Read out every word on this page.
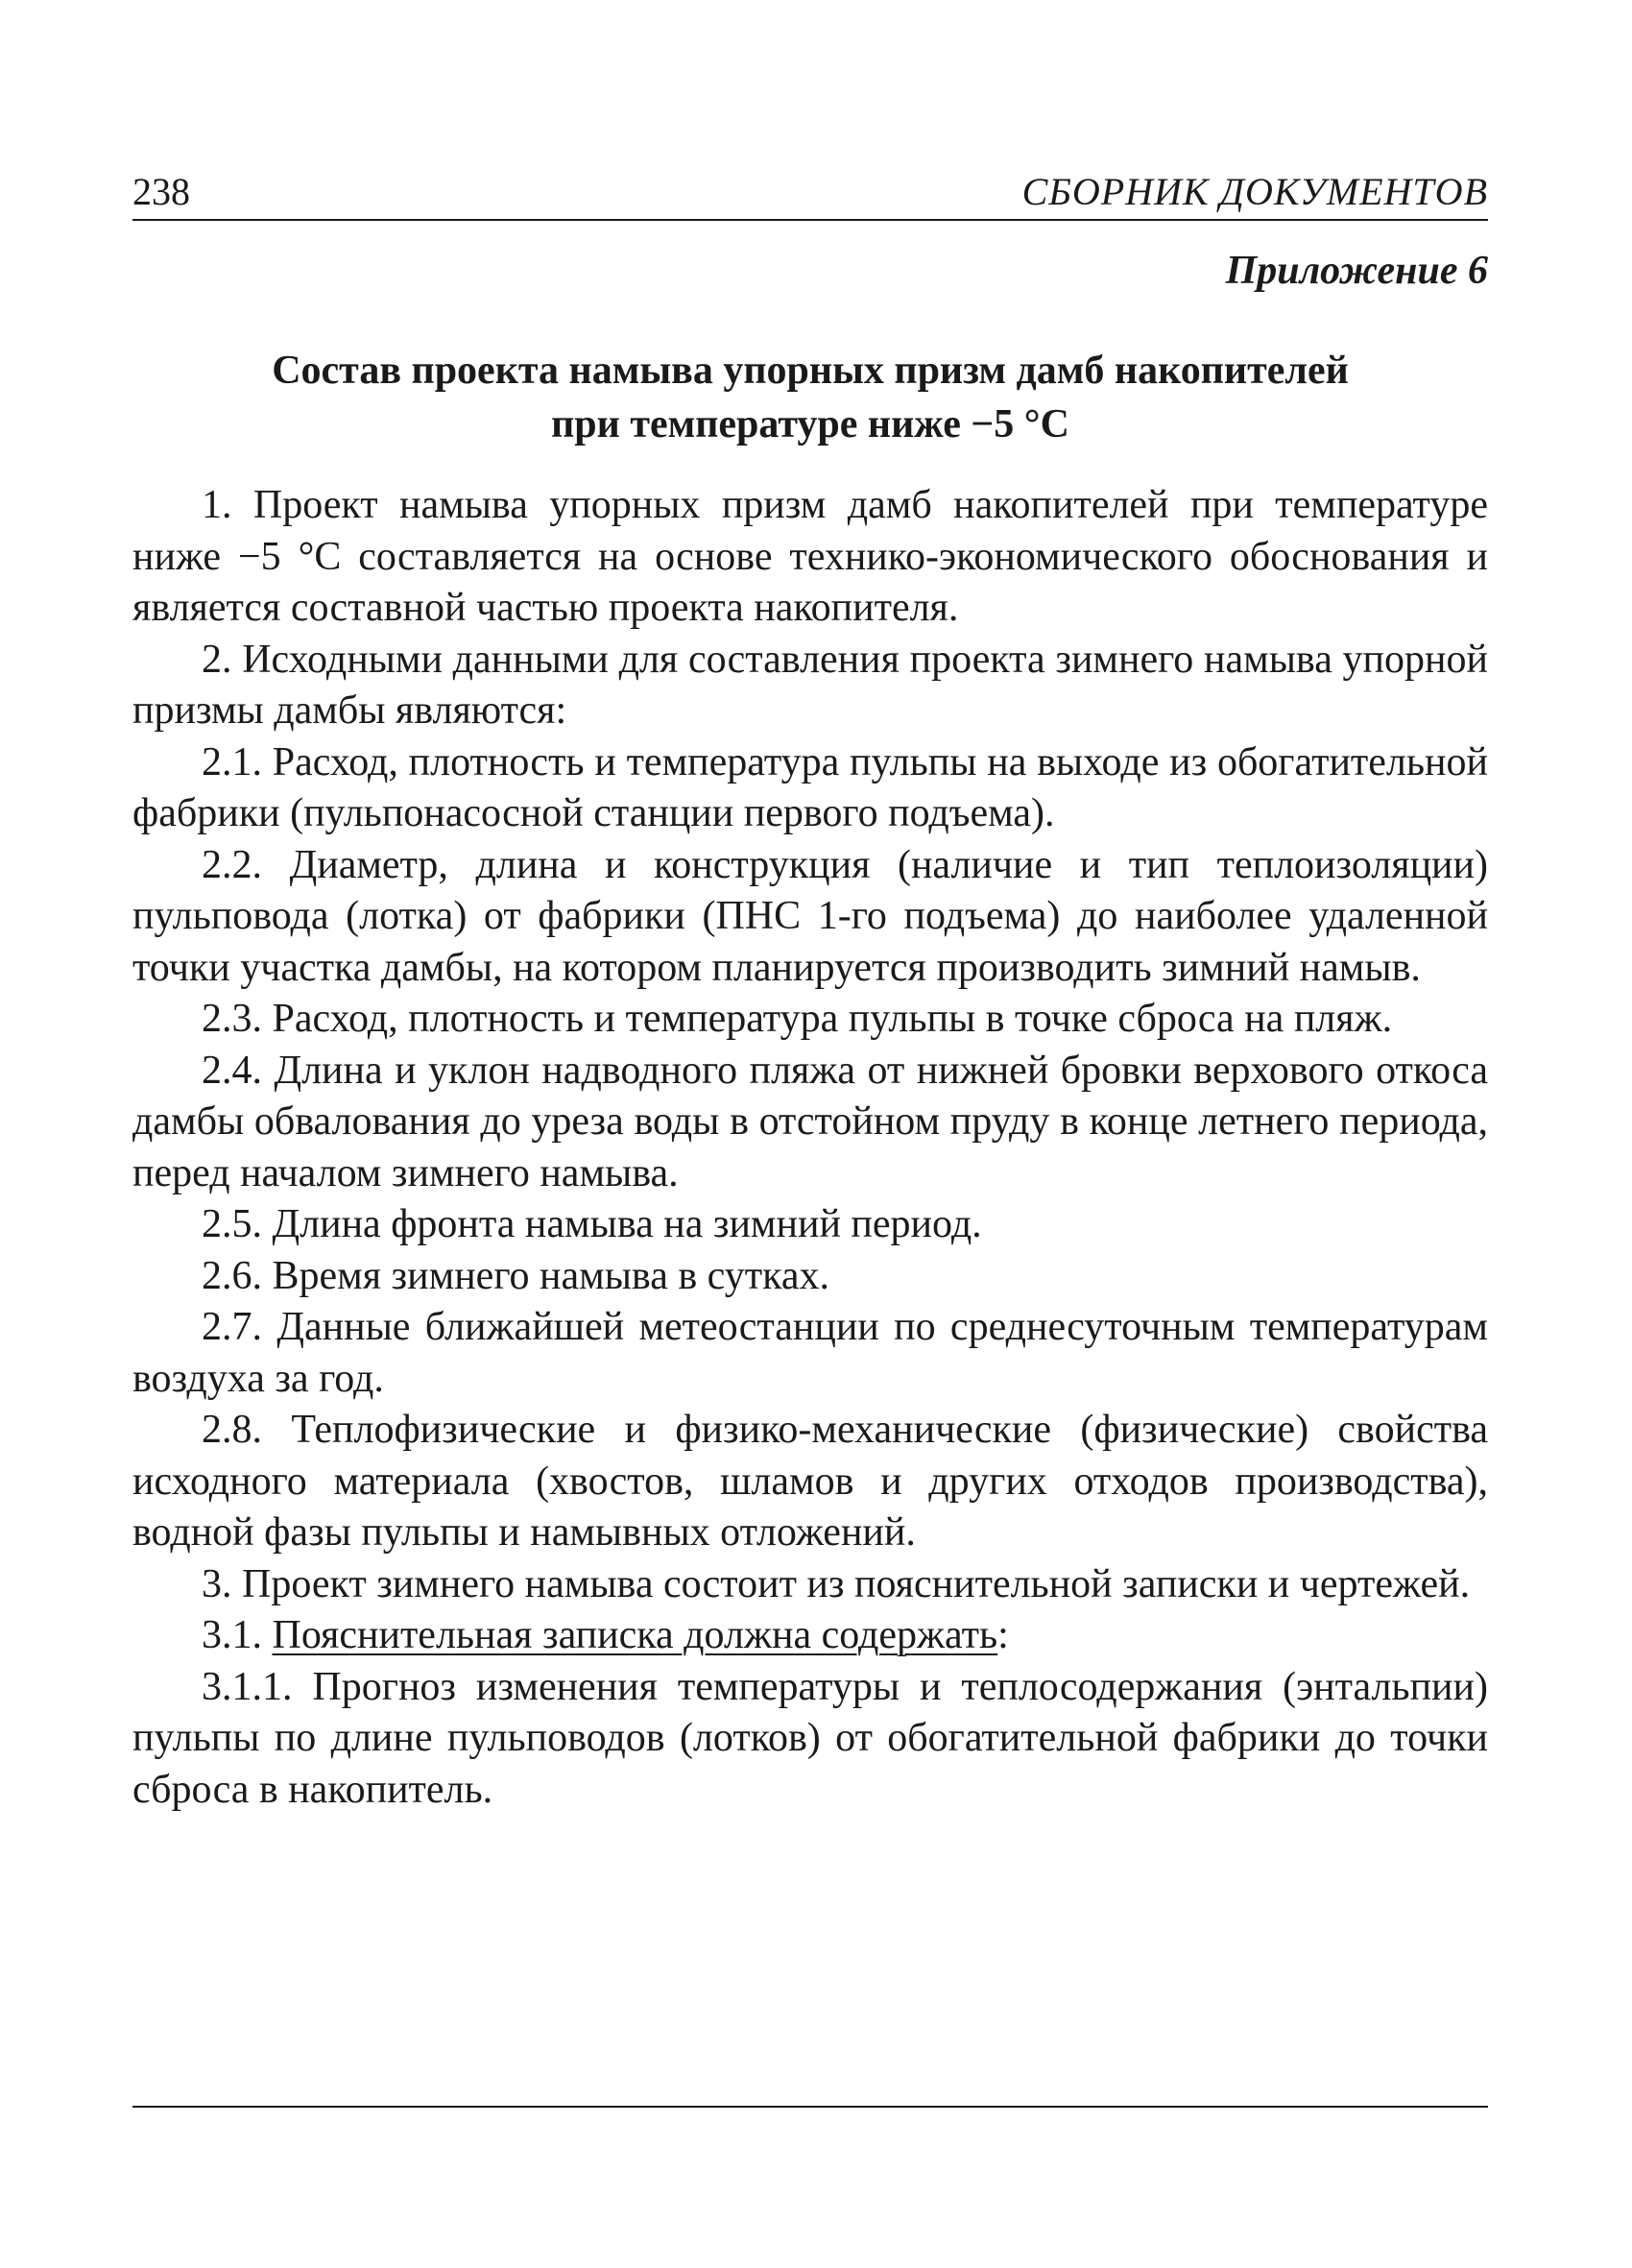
238	СБОРНИК ДОКУМЕНТОВ
Приложение 6
Состав проекта намыва упорных призм дамб накопителей
при температуре ниже −5 °С

1. Проект намыва упорных призм дамб накопителей при температуре ниже −5 °С составляется на основе технико-экономического обоснования и является составной частью проекта накопителя.

2. Исходными данными для составления проекта зимнего намыва упорной призмы дамбы являются:

2.1. Расход, плотность и температура пульпы на выходе из обогатительной фабрики (пульпонасосной станции первого подъема).

2.2. Диаметр, длина и конструкция (наличие и тип теплоизоляции) пульповода (лотка) от фабрики (ПНС 1-го подъема) до наиболее удаленной точки участка дамбы, на котором планируется производить зимний намыв.

2.3. Расход, плотность и температура пульпы в точке сброса на пляж.

2.4. Длина и уклон надводного пляжа от нижней бровки верхового откоса дамбы обвалования до уреза воды в отстойном пруду в конце летнего периода, перед началом зимнего намыва.

2.5. Длина фронта намыва на зимний период.

2.6. Время зимнего намыва в сутках.

2.7. Данные ближайшей метеостанции по среднесуточным температурам воздуха за год.

2.8. Теплофизические и физико-механические (физические) свойства исходного материала (хвостов, шламов и других отходов производства), водной фазы пульпы и намывных отложений.

3. Проект зимнего намыва состоит из пояснительной записки и чертежей.

3.1. Пояснительная записка должна содержать:

3.1.1. Прогноз изменения температуры и теплосодержания (энтальпии) пульпы по длине пульповодов (лотков) от обогатительной фабрики до точки сброса в накопитель.
